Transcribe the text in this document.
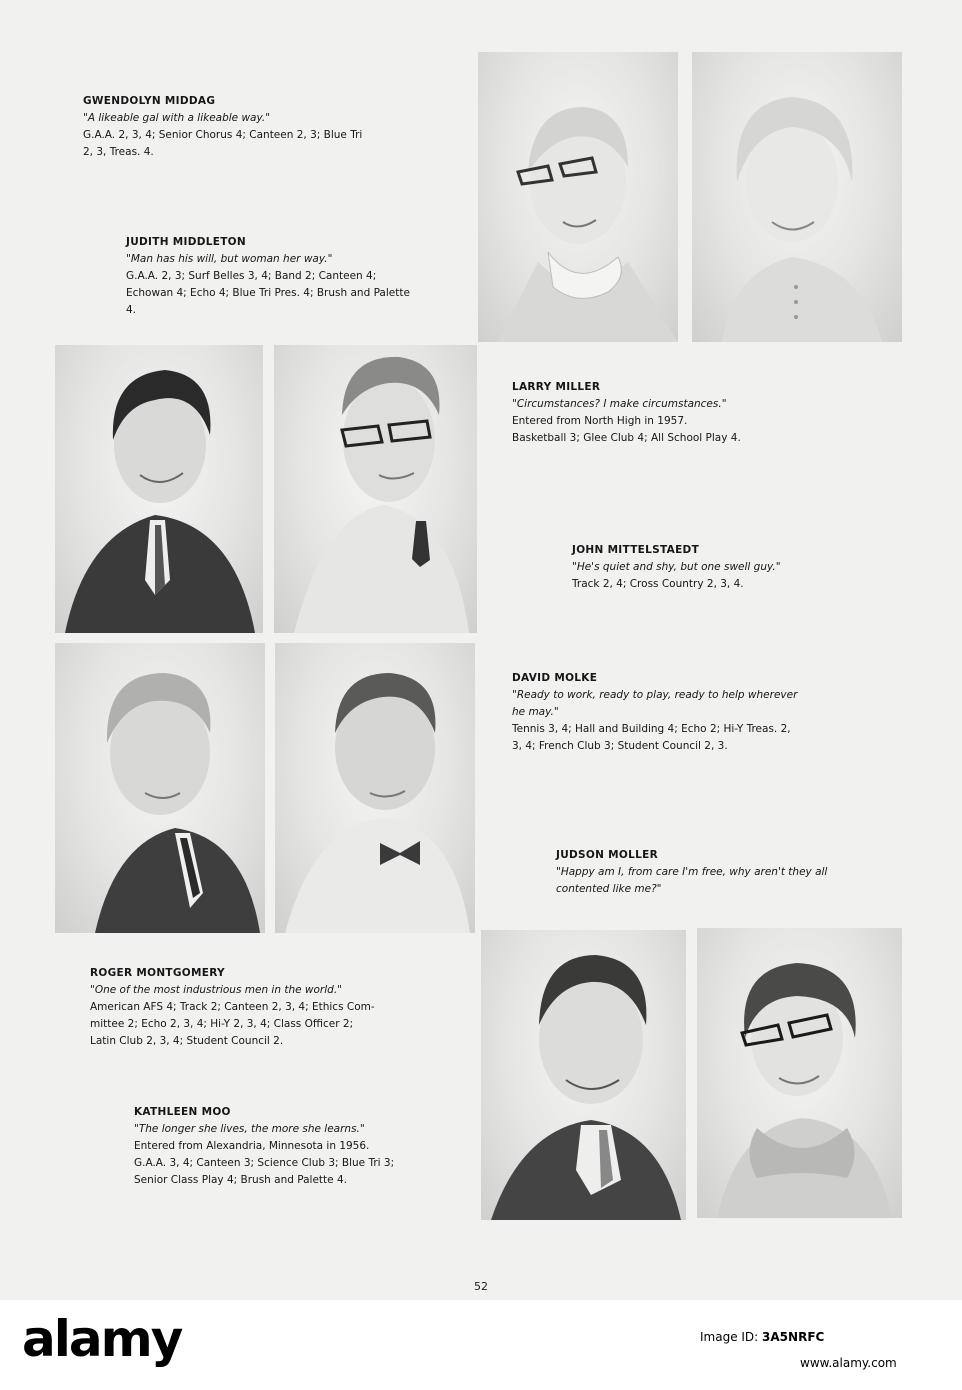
GWENDOLYN MIDDAG
"A likeable gal with a likeable way."
G.A.A. 2, 3, 4; Senior Chorus 4; Canteen 2, 3; Blue Tri
2, 3, Treas. 4.
JUDITH MIDDLETON
"Man has his will, but woman her way."
G.A.A. 2, 3; Surf Belles 3, 4; Band 2; Canteen 4;
Echowan 4; Echo 4; Blue Tri Pres. 4; Brush and Palette
4.
LARRY MILLER
"Circumstances? I make circumstances."
Entered from North High in 1957.
Basketball 3; Glee Club 4; All School Play 4.
JOHN MITTELSTAEDT
"He's quiet and shy, but one swell guy."
Track 2, 4; Cross Country 2, 3, 4.
DAVID MOLKE
"Ready to work, ready to play, ready to help wherever
he may."
Tennis 3, 4; Hall and Building 4; Echo 2; Hi-Y Treas. 2,
3, 4; French Club 3; Student Council 2, 3.
JUDSON MOLLER
"Happy am I, from care I'm free, why aren't they all
contented like me?"
ROGER MONTGOMERY
"One of the most industrious men in the world."
American AFS 4; Track 2; Canteen 2, 3, 4; Ethics Com-
mittee 2; Echo 2, 3, 4; Hi-Y 2, 3, 4; Class Officer 2;
Latin Club 2, 3, 4; Student Council 2.
KATHLEEN MOO
"The longer she lives, the more she learns."
Entered from Alexandria, Minnesota in 1956.
G.A.A. 3, 4; Canteen 3; Science Club 3; Blue Tri 3;
Senior Class Play 4; Brush and Palette 4.
52
alamy	Image ID: 3A5NRFC
www.alamy.com
